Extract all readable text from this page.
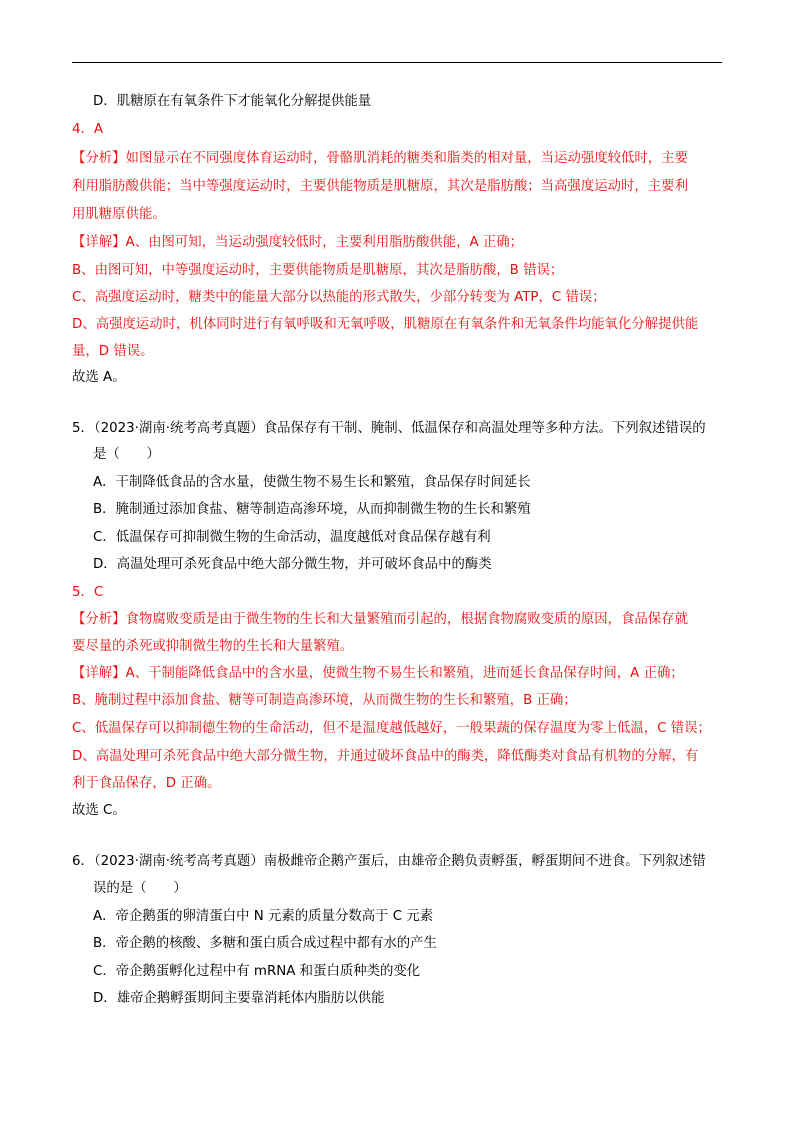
D．肌糖原在有氧条件下才能氧化分解提供能量
4．A
【分析】如图显示在不同强度体育运动时，骨骼肌消耗的糖类和脂类的相对量，当运动强度较低时，主要
利用脂肪酸供能；当中等强度运动时，主要供能物质是肌糖原，其次是脂肪酸；当高强度运动时，主要利
用肌糖原供能。
【详解】A、由图可知，当运动强度较低时，主要利用脂肪酸供能，A 正确；
B、由图可知，中等强度运动时，主要供能物质是肌糖原，其次是脂肪酸，B 错误；
C、高强度运动时，糖类中的能量大部分以热能的形式散失，少部分转变为 ATP，C 错误；
D、高强度运动时，机体同时进行有氧呼吸和无氧呼吸，肌糖原在有氧条件和无氧条件均能氧化分解提供能
量，D 错误。
故选 A。
5．（2023·湖南·统考高考真题）食品保存有干制、腌制、低温保存和高温处理等多种方法。下列叙述错误的
是（　　）
A．干制降低食品的含水量，使微生物不易生长和繁殖，食品保存时间延长
B．腌制通过添加食盐、糖等制造高渗环境，从而抑制微生物的生长和繁殖
C．低温保存可抑制微生物的生命活动，温度越低对食品保存越有利
D．高温处理可杀死食品中绝大部分微生物，并可破坏食品中的酶类
5．C
【分析】食物腐败变质是由于微生物的生长和大量繁殖而引起的，根据食物腐败变质的原因，食品保存就
要尽量的杀死或抑制微生物的生长和大量繁殖。
【详解】A、干制能降低食品中的含水量，使微生物不易生长和繁殖，进而延长食品保存时间，A 正确；
B、腌制过程中添加食盐、糖等可制造高渗环境，从而微生物的生长和繁殖，B 正确；
C、低温保存可以抑制德生物的生命活动，但不是温度越低越好，一般果蔬的保存温度为零上低温，C 错误；
D、高温处理可杀死食品中绝大部分微生物，并通过破坏食品中的酶类，降低酶类对食品有机物的分解，有
利于食品保存，D 正确。
故选 C。
6．（2023·湖南·统考高考真题）南极雌帝企鹅产蛋后，由雄帝企鹅负责孵蛋，孵蛋期间不进食。下列叙述错
误的是（　　）
A．帝企鹅蛋的卵清蛋白中 N 元素的质量分数高于 C 元素
B．帝企鹅的核酸、多糖和蛋白质合成过程中都有水的产生
C．帝企鹅蛋孵化过程中有 mRNA 和蛋白质种类的变化
D．雄帝企鹅孵蛋期间主要靠消耗体内脂肪以供能
